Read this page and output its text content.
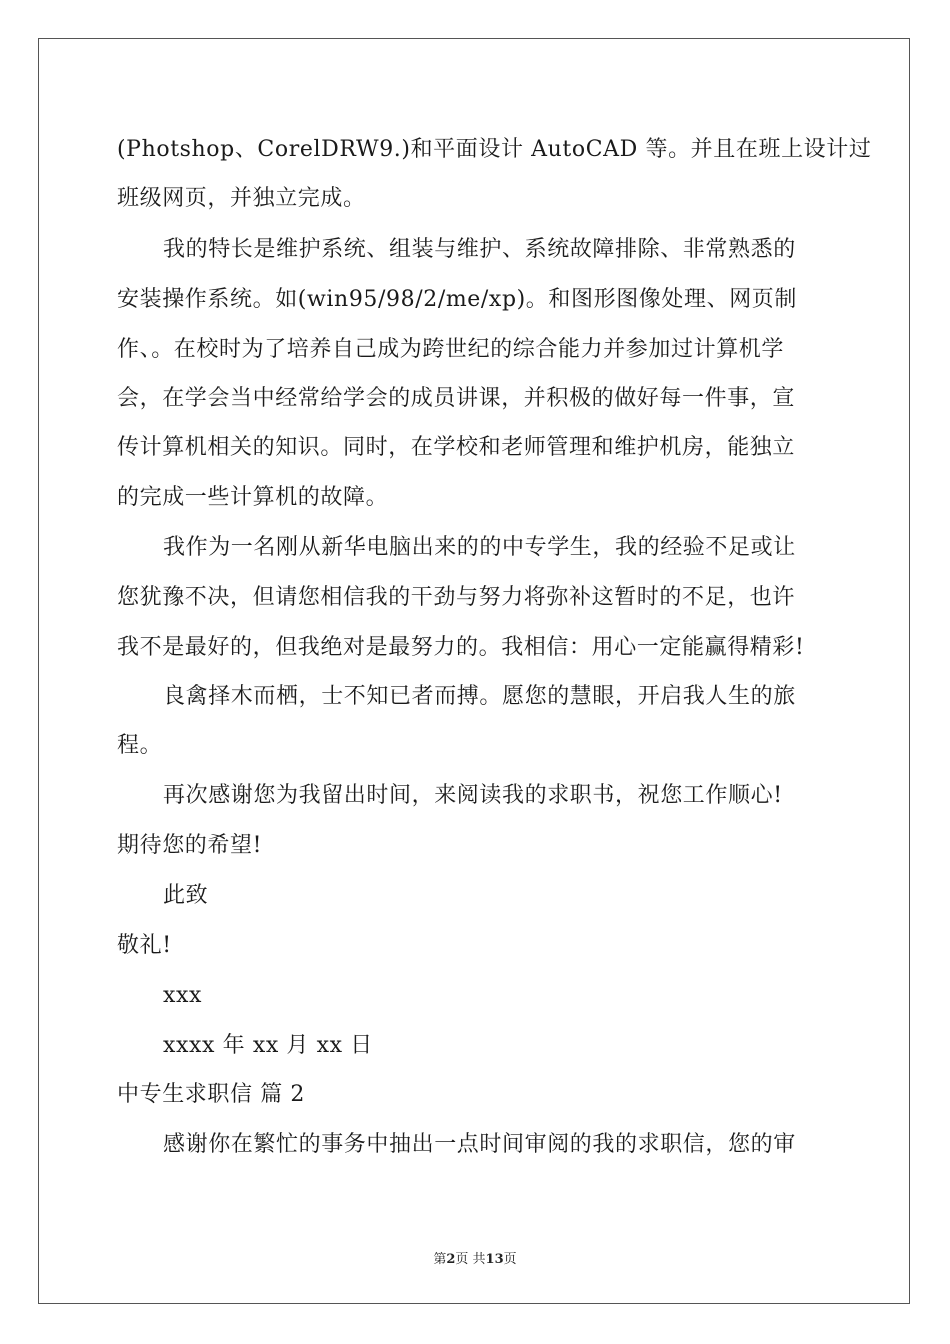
(Photshop、CorelDRW9.)和平面设计 AutoCAD 等。并且在班上设计过
班级网页，并独立完成。
我的特长是维护系统、组装与维护、系统故障排除、非常熟悉的
安装操作系统。如(win95/98/2/me/xp)。和图形图像处理、网页制
作、。在校时为了培养自己成为跨世纪的综合能力并参加过计算机学
会，在学会当中经常给学会的成员讲课，并积极的做好每一件事，宣
传计算机相关的知识。同时，在学校和老师管理和维护机房，能独立
的完成一些计算机的故障。
我作为一名刚从新华电脑出来的的中专学生，我的经验不足或让
您犹豫不决，但请您相信我的干劲与努力将弥补这暂时的不足，也许
我不是最好的，但我绝对是最努力的。我相信：用心一定能赢得精彩!
良禽择木而栖，士不知已者而搏。愿您的慧眼，开启我人生的旅
程。
再次感谢您为我留出时间，来阅读我的求职书，祝您工作顺心!
期待您的希望!
此致
敬礼!
xxx
xxxx 年 xx 月 xx 日
中专生求职信 篇 2
感谢你在繁忙的事务中抽出一点时间审阅的我的求职信，您的审
第2页 共13页
